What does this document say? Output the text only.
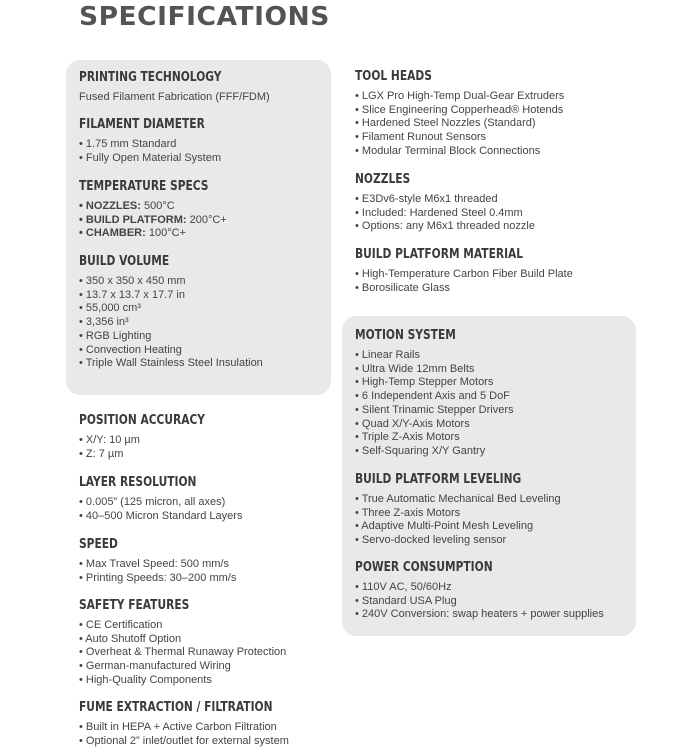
SPECIFICATIONS
PRINTING TECHNOLOGY
Fused Filament Fabrication (FFF/FDM)
FILAMENT DIAMETER
• 1.75 mm Standard
• Fully Open Material System
TEMPERATURE SPECS
• NOZZLES: 500°C
• BUILD PLATFORM: 200°C+
• CHAMBER: 100°C+
BUILD VOLUME
• 350 x 350 x 450 mm
• 13.7 x 13.7 x 17.7 in
• 55,000 cm³
• 3,356 in³
• RGB Lighting
• Convection Heating
• Triple Wall Stainless Steel Insulation
POSITION ACCURACY
• X/Y: 10 µm
• Z: 7 µm
LAYER RESOLUTION
• 0.005” (125 micron, all axes)
• 40–500 Micron Standard Layers
SPEED
• Max Travel Speed: 500 mm/s
• Printing Speeds: 30–200 mm/s
SAFETY FEATURES
• CE Certification
• Auto Shutoff Option
• Overheat & Thermal Runaway Protection
• German-manufactured Wiring
• High-Quality Components
FUME EXTRACTION / FILTRATION
• Built in HEPA + Active Carbon Filtration
• Optional 2” inlet/outlet for external system
TOOL HEADS
• LGX Pro High-Temp Dual-Gear Extruders
• Slice Engineering Copperhead® Hotends
• Hardened Steel Nozzles (Standard)
• Filament Runout Sensors
• Modular Terminal Block Connections
NOZZLES
• E3Dv6-style M6x1 threaded
• Included: Hardened Steel 0.4mm
• Options: any M6x1 threaded nozzle
BUILD PLATFORM MATERIAL
• High-Temperature Carbon Fiber Build Plate
• Borosilicate Glass
MOTION SYSTEM
• Linear Rails
• Ultra Wide 12mm Belts
• High-Temp Stepper Motors
• 6 Independent Axis and 5 DoF
• Silent Trinamic Stepper Drivers
• Quad X/Y-Axis Motors
• Triple Z-Axis Motors
• Self-Squaring X/Y Gantry
BUILD PLATFORM LEVELING
• True Automatic Mechanical Bed Leveling
• Three Z-axis Motors
• Adaptive Multi-Point Mesh Leveling
• Servo-docked leveling sensor
POWER CONSUMPTION
• 110V AC, 50/60Hz
• Standard USA Plug
• 240V Conversion: swap heaters + power supplies
